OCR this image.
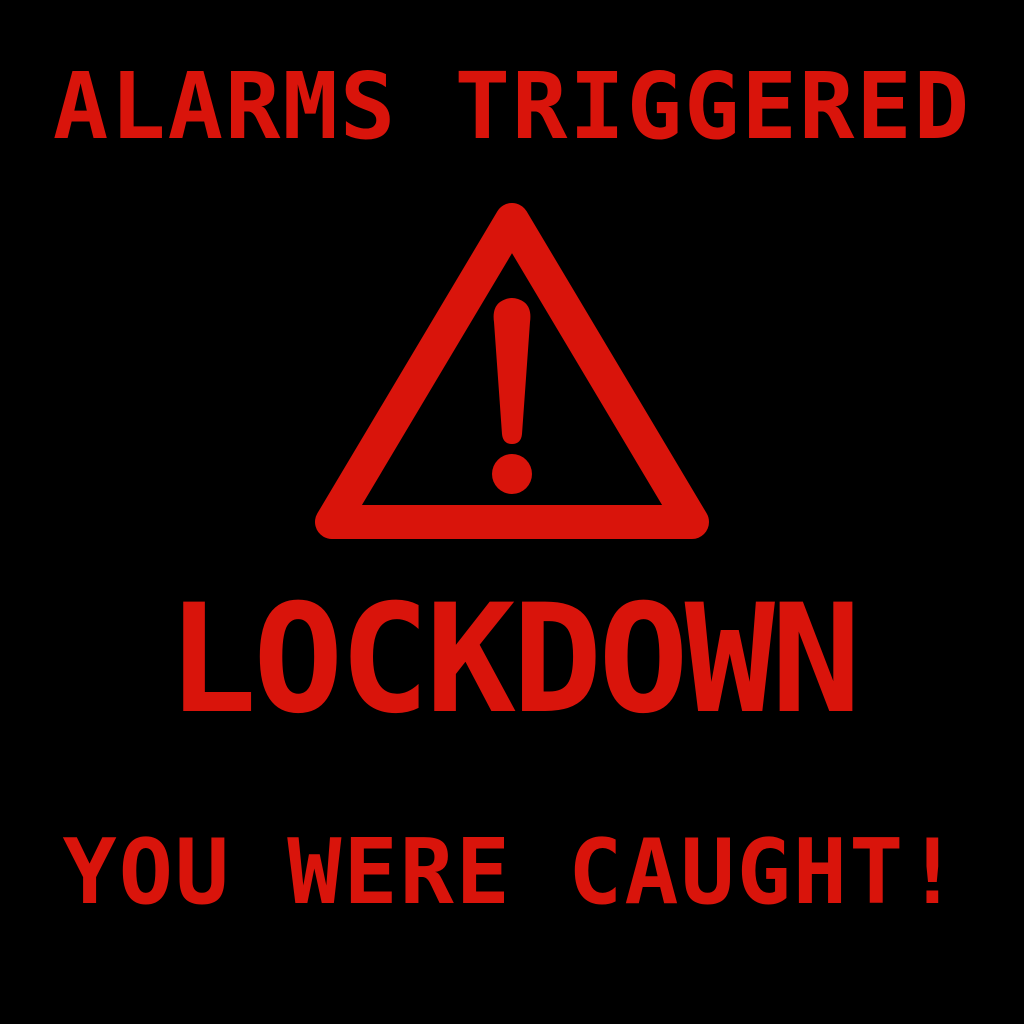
ALARMS TRIGGERED
LOCKDOWN
YOU WERE CAUGHT!
